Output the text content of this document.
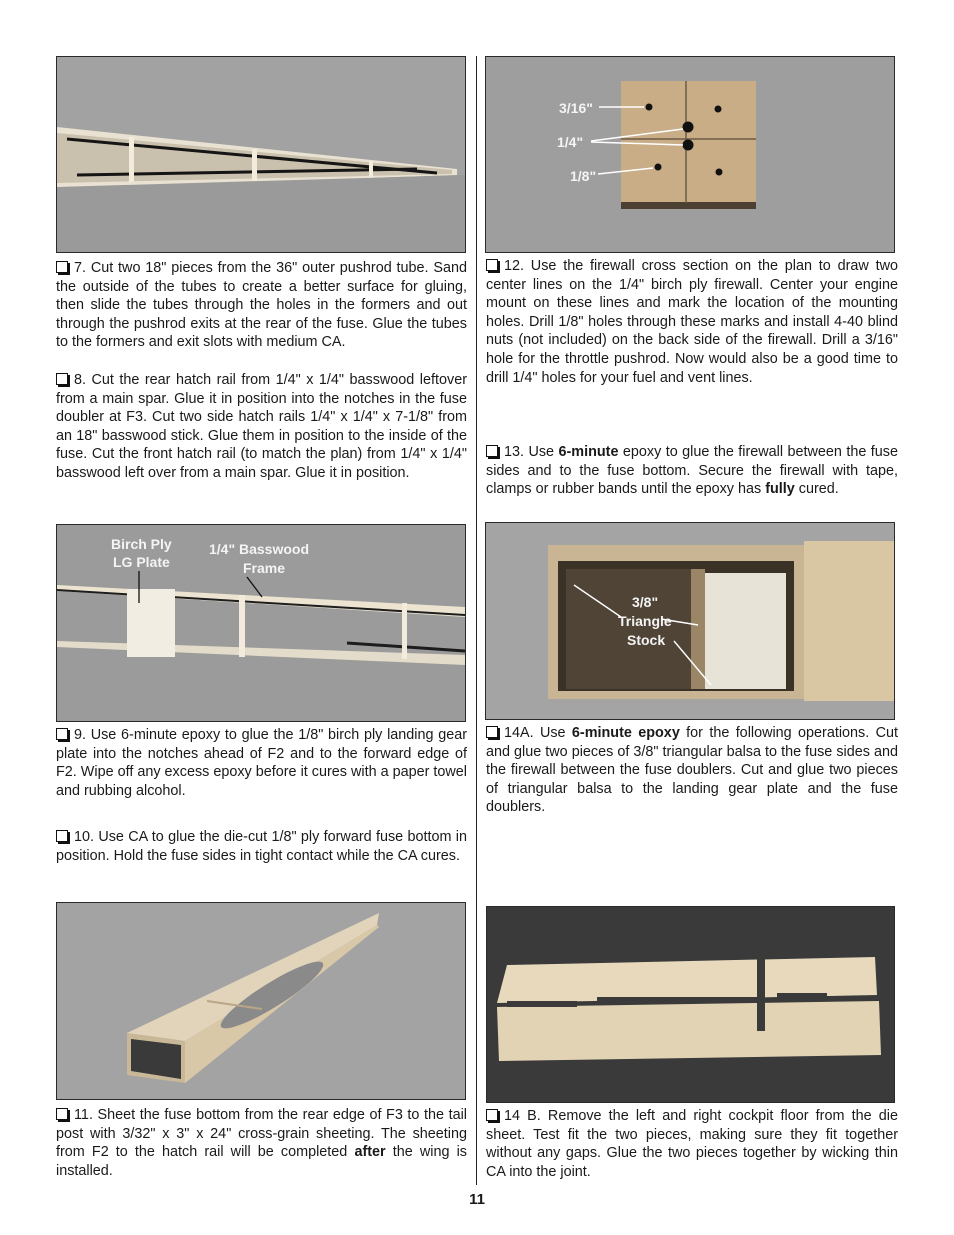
3/16"
1/4"
1/8"

7. Cut two 18" pieces from the 36" outer pushrod tube. Sand the outside of the tubes to create a better surface for gluing, then slide the tubes through the holes in the formers and out through the pushrod exits at the rear of the fuse. Glue the tubes to the formers and exit slots with medium CA.

12. Use the firewall cross section on the plan to draw two center lines on the 1/4" birch ply firewall. Center your engine mount on these lines and mark the location of the mounting holes. Drill 1/8" holes through these marks and install 4-40 blind nuts (not included) on the back side of the firewall. Drill a 3/16" hole for the throttle pushrod. Now would also be a good time to drill 1/4" holes for your fuel and vent lines.

8. Cut the rear hatch rail from 1/4" x 1/4" basswood leftover from a main spar. Glue it in position into the notches in the fuse doubler at F3. Cut two side hatch rails 1/4" x 1/4" x 7-1/8" from an 18" basswood stick. Glue them in position to the inside of the fuse. Cut the front hatch rail (to match the plan) from 1/4" x 1/4" basswood left over from a main spar. Glue it in position.

13. Use 6-minute epoxy to glue the firewall between the fuse sides and to the fuse bottom. Secure the firewall with tape, clamps or rubber bands until the epoxy has fully cured.

Birch Ply
LG Plate
1/4" Basswood
Frame
3/8"
Triangle
Stock

9. Use 6-minute epoxy to glue the 1/8" birch ply landing gear plate into the notches ahead of F2 and to the forward edge of F2. Wipe off any excess epoxy before it cures with a paper towel and rubbing alcohol.

14A. Use 6-minute epoxy for the following operations. Cut and glue two pieces of 3/8" triangular balsa to the fuse sides and the firewall between the fuse doublers. Cut and glue two pieces of triangular balsa to the landing gear plate and the fuse doublers.

10. Use CA to glue the die-cut 1/8" ply forward fuse bottom in position. Hold the fuse sides in tight contact while the CA cures.

11. Sheet the fuse bottom from the rear edge of F3 to the tail post with 3/32" x 3" x 24" cross-grain sheeting. The sheeting from F2 to the hatch rail will be completed after the wing is installed.

14 B. Remove the left and right cockpit floor from the die sheet. Test fit the two pieces, making sure they fit together without any gaps. Glue the two pieces together by wicking thin CA into the joint.

11
